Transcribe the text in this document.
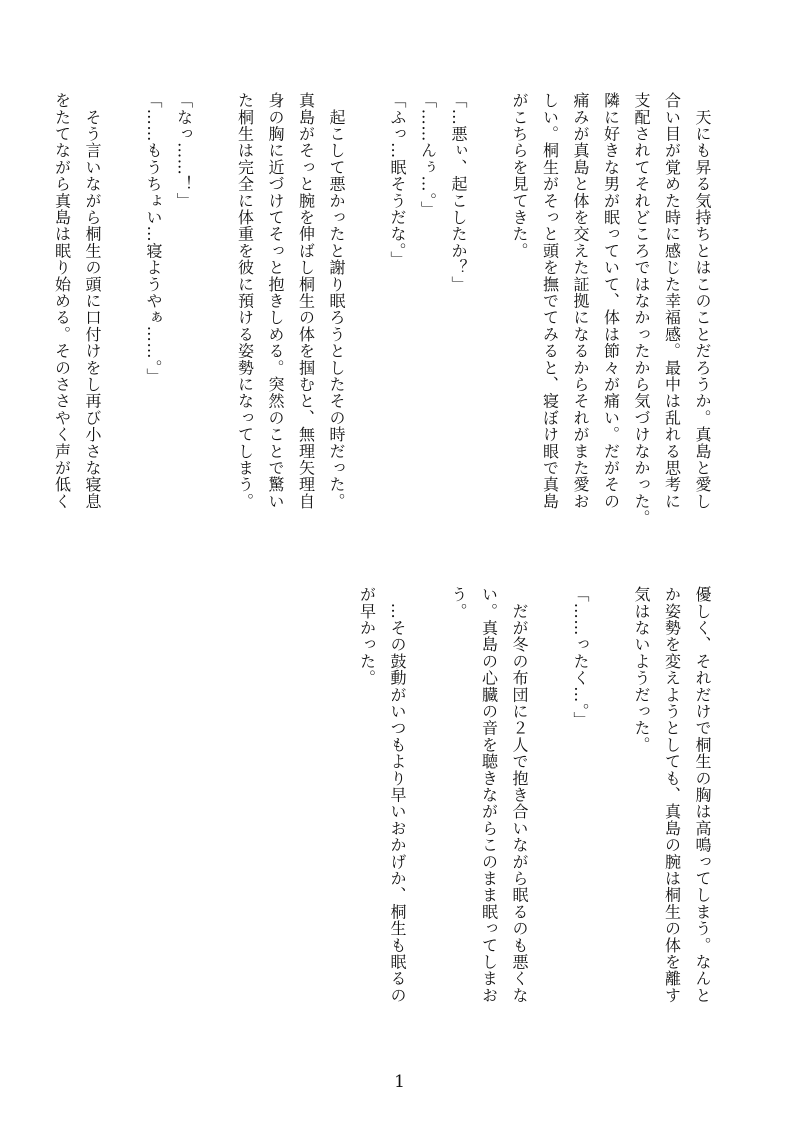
　天にも昇る気持ちとはこのことだろうか。真島と愛し
合い目が覚めた時に感じた幸福感。最中は乱れる思考に
支配されてそれどころではなかったから気づけなかった。
隣に好きな男が眠っていて、体は節々が痛い。だがその
痛みが真島と体を交えた証拠になるからそれがまた愛お
しい。桐生がそっと頭を撫でてみると、寝ぼけ眼で真島
がこちらを見てきた。

「…悪ぃ、起こしたか？」
「……んぅ…。」
「ふっ…眠そうだな。」

　起こして悪かったと謝り眠ろうとしたその時だった。
真島がそっと腕を伸ばし桐生の体を掴むと、無理矢理自
身の胸に近づけてそっと抱きしめる。突然のことで驚い
た桐生は完全に体重を彼に預ける姿勢になってしまう。

「なっ……！」
「……もうちょい…寝ようやぁ……。」

　そう言いながら桐生の頭に口付けをし再び小さな寝息
をたてながら真島は眠り始める。そのささやく声が低く
優しく、それだけで桐生の胸は高鳴ってしまう。なんと
か姿勢を変えようとしても、真島の腕は桐生の体を離す
気はないようだった。

「……ったく…。」

　だが冬の布団に２人で抱き合いながら眠るのも悪くな
い。真島の心臓の音を聴きながらこのまま眠ってしまお
う。

　…その鼓動がいつもより早いおかげか、桐生も眠るの
が早かった。
1
